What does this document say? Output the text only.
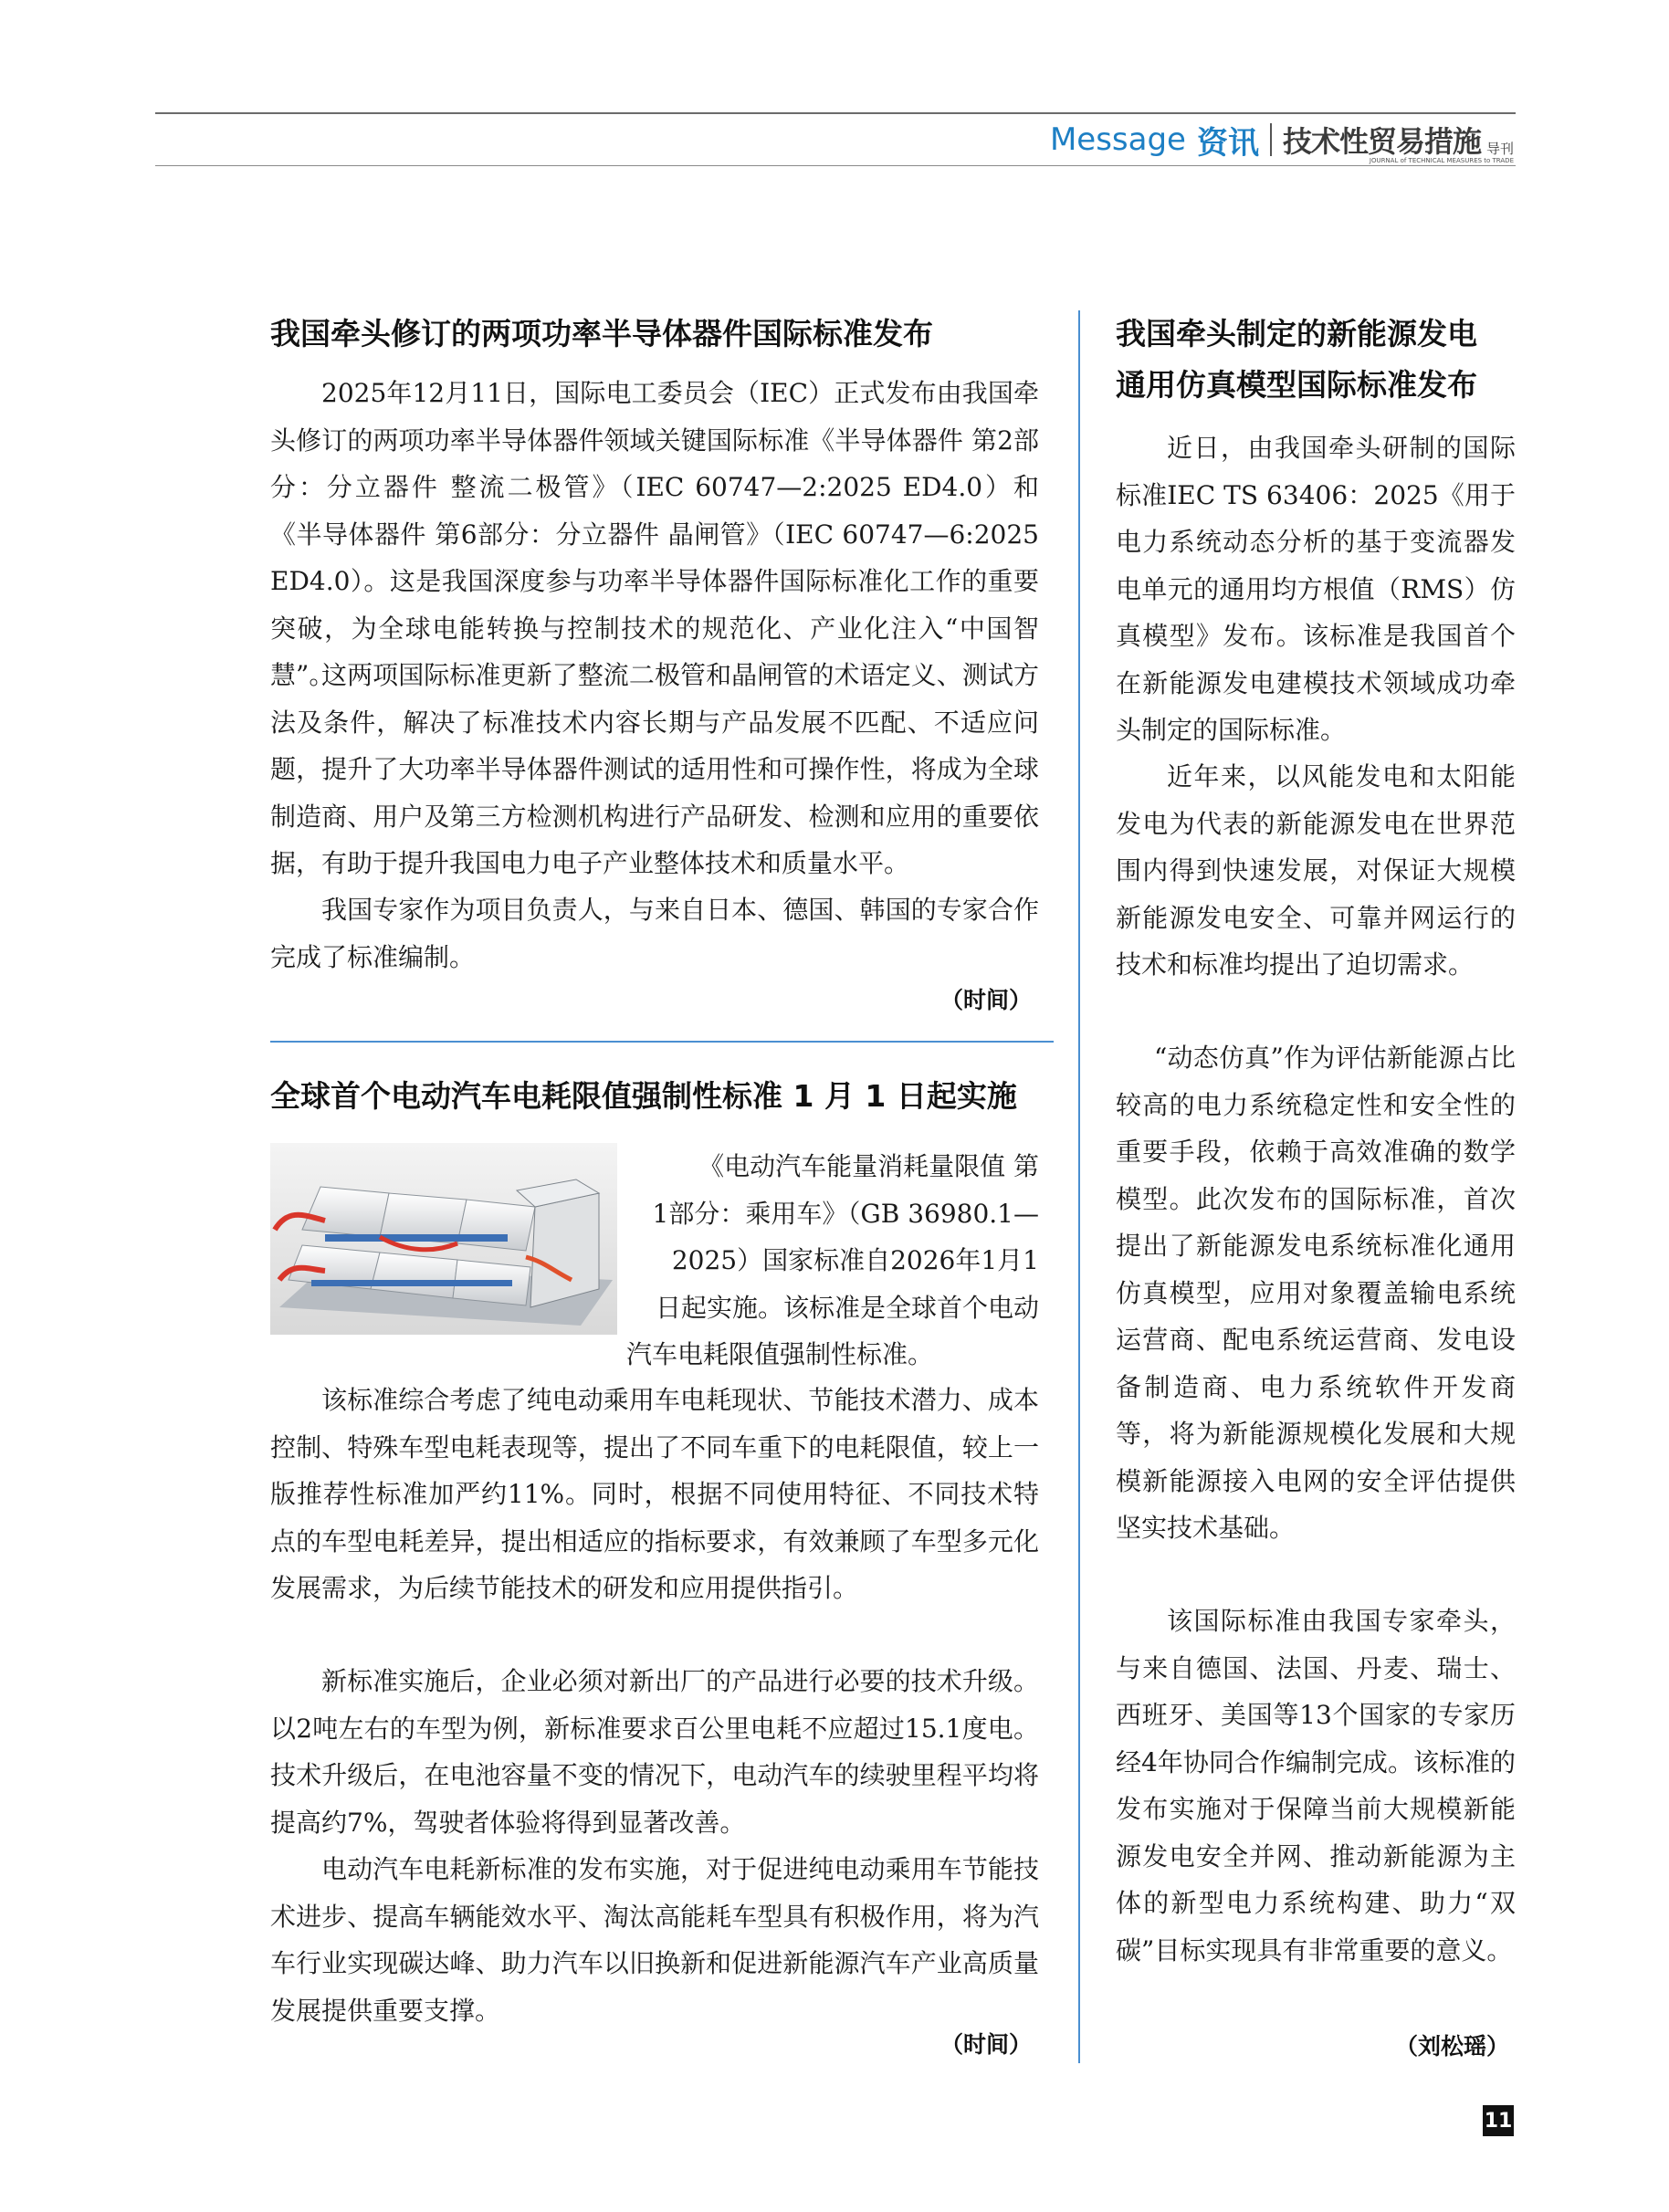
Message 资讯 技术性贸易措施 导刊
JOURNAL of TECHNICAL MEASURES to TRADE
我国牵头修订的两项功率半导体器件国际标准发布

2025年12月11日，国际电工委员会（IEC）正式发布由我国牵头修订的两项功率半导体器件领域关键国际标准《半导体器件 第2部分：分立器件 整流二极管》（IEC 60747—2:2025 ED4.0）和《半导体器件 第6部分：分立器件 晶闸管》（IEC 60747—6:2025 ED4.0）。这是我国深度参与功率半导体器件国际标准化工作的重要突破，为全球电能转换与控制技术的规范化、产业化注入“中国智慧”。

这两项国际标准更新了整流二极管和晶闸管的术语定义、测试方法及条件，解决了标准技术内容长期与产品发展不匹配、不适应问题，提升了大功率半导体器件测试的适用性和可操作性，将成为全球制造商、用户及第三方检测机构进行产品研发、检测和应用的重要依据，有助于提升我国电力电子产业整体技术和质量水平。

我国专家作为项目负责人，与来自日本、德国、韩国的专家合作完成了标准编制。

（时间）
全球首个电动汽车电耗限值强制性标准 1 月 1 日起实施

《电动汽车能量消耗量限值 第
1部分：乘用车》（GB 36980.1—
2025）国家标准自2026年1月1
日起实施。该标准是全球首个电动
汽车电耗限值强制性标准。

该标准综合考虑了纯电动乘用车电耗现状、节能技术潜力、成本控制、特殊车型电耗表现等，提出了不同车重下的电耗限值，较上一版推荐性标准加严约11%。同时，根据不同使用特征、不同技术特点的车型电耗差异，提出相适应的指标要求，有效兼顾了车型多元化发展需求，为后续节能技术的研发和应用提供指引。

新标准实施后，企业必须对新出厂的产品进行必要的技术升级。以2吨左右的车型为例，新标准要求百公里电耗不应超过15.1度电。技术升级后，在电池容量不变的情况下，电动汽车的续驶里程平均将提高约7%，驾驶者体验将得到显著改善。

电动汽车电耗新标准的发布实施，对于促进纯电动乘用车节能技术进步、提高车辆能效水平、淘汰高能耗车型具有积极作用，将为汽车行业实现碳达峰、助力汽车以旧换新和促进新能源汽车产业高质量发展提供重要支撑。

（时间）
我国牵头制定的新能源发电
通用仿真模型国际标准发布

近日，由我国牵头研制的国际标准IEC TS 63406：2025《用于电力系统动态分析的基于变流器发电单元的通用均方根值（RMS）仿真模型》发布。该标准是我国首个在新能源发电建模技术领域成功牵头制定的国际标准。

近年来，以风能发电和太阳能发电为代表的新能源发电在世界范围内得到快速发展，对保证大规模新能源发电安全、可靠并网运行的技术和标准均提出了迫切需求。

“动态仿真”作为评估新能源占比较高的电力系统稳定性和安全性的重要手段，依赖于高效准确的数学模型。此次发布的国际标准，首次提出了新能源发电系统标准化通用仿真模型，应用对象覆盖输电系统运营商、配电系统运营商、发电设备制造商、电力系统软件开发商等，将为新能源规模化发展和大规模新能源接入电网的安全评估提供坚实技术基础。

该国际标准由我国专家牵头，与来自德国、法国、丹麦、瑞士、西班牙、美国等13个国家的专家历经4年协同合作编制完成。该标准的发布实施对于保障当前大规模新能源发电安全并网、推动新能源为主体的新型电力系统构建、助力“双碳”目标实现具有非常重要的意义。

（刘松瑶）
11
